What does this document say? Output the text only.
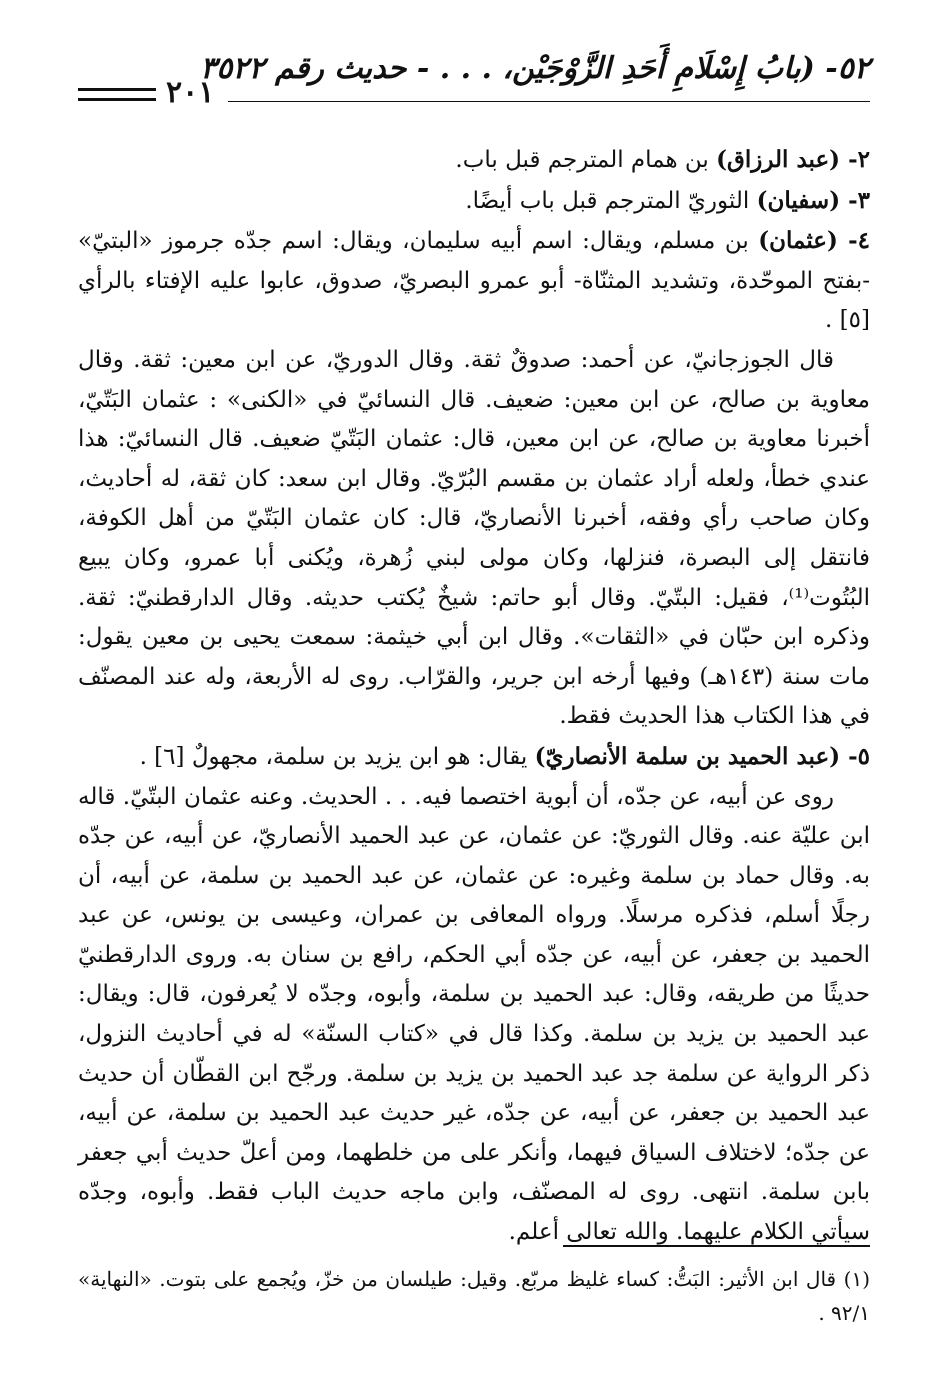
٥٢- (بابُ إِسْلَامِ أَحَدِ الزَّوْجَيْن، . . . - حديث رقم ٣٥٢٢
٢٠١

٢- (عبد الرزاق) بن همام المترجم قبل باب.

٣- (سفيان) الثوريّ المترجم قبل باب أيضًا.

٤- (عثمان) بن مسلم، ويقال: اسم أبيه سليمان، ويقال: اسم جدّه جرموز «البتيّ» -بفتح الموحّدة، وتشديد المثنّاة- أبو عمرو البصريّ، صدوق، عابوا عليه الإفتاء بالرأي [٥] .

قال الجوزجانيّ، عن أحمد: صدوقٌ ثقة. وقال الدوريّ، عن ابن معين: ثقة. وقال معاوية بن صالح، عن ابن معين: ضعيف. قال النسائيّ في «الكنى» : عثمان البَتّيّ، أخبرنا معاوية بن صالح، عن ابن معين، قال: عثمان البَتّيّ ضعيف. قال النسائيّ: هذا عندي خطأ، ولعله أراد عثمان بن مقسم البُرّيّ. وقال ابن سعد: كان ثقة، له أحاديث، وكان صاحب رأي وفقه، أخبرنا الأنصاريّ، قال: كان عثمان البَتّيّ من أهل الكوفة، فانتقل إلى البصرة، فنزلها، وكان مولى لبني زُهرة، ويُكنى أبا عمرو، وكان يبيع البُتُوت⁽¹⁾، فقيل: البتّيّ. وقال أبو حاتم: شيخٌ يُكتب حديثه. وقال الدارقطنيّ: ثقة. وذكره ابن حبّان في «الثقات». وقال ابن أبي خيثمة: سمعت يحيى بن معين يقول: مات سنة (١٤٣هـ) وفيها أرخه ابن جرير، والقرّاب. روى له الأربعة، وله عند المصنّف في هذا الكتاب هذا الحديث فقط.

٥- (عبد الحميد بن سلمة الأنصاريّ) يقال: هو ابن يزيد بن سلمة، مجهولٌ [٦] .

روى عن أبيه، عن جدّه، أن أبوية اختصما فيه. . . الحديث. وعنه عثمان البتّيّ. قاله ابن عليّة عنه. وقال الثوريّ: عن عثمان، عن عبد الحميد الأنصاريّ، عن أبيه، عن جدّه به. وقال حماد بن سلمة وغيره: عن عثمان، عن عبد الحميد بن سلمة، عن أبيه، أن رجلًا أسلم، فذكره مرسلًا. ورواه المعافى بن عمران، وعيسى بن يونس، عن عبد الحميد بن جعفر، عن أبيه، عن جدّه أبي الحكم، رافع بن سنان به. وروى الدارقطنيّ حديثًا من طريقه، وقال: عبد الحميد بن سلمة، وأبوه، وجدّه لا يُعرفون، قال: ويقال: عبد الحميد بن يزيد بن سلمة. وكذا قال في «كتاب السنّة» له في أحاديث النزول، ذكر الرواية عن سلمة جد عبد الحميد بن يزيد بن سلمة. ورجّح ابن القطّان أن حديث عبد الحميد بن جعفر، عن أبيه، عن جدّه، غير حديث عبد الحميد بن سلمة، عن أبيه، عن جدّه؛ لاختلاف السياق فيهما، وأنكر على من خلطهما، ومن أعلّ حديث أبي جعفر بابن سلمة. انتهى. روى له المصنّف، وابن ماجه حديث الباب فقط. وأبوه، وجدّه سيأتي الكلام عليهما. والله تعالى أعلم.

(١) قال ابن الأثير: البَتُّ: كساء غليظ مربّع. وقيل: طيلسان من خزّ، ويُجمع على بتوت. «النهاية» ٩٢/١ .
